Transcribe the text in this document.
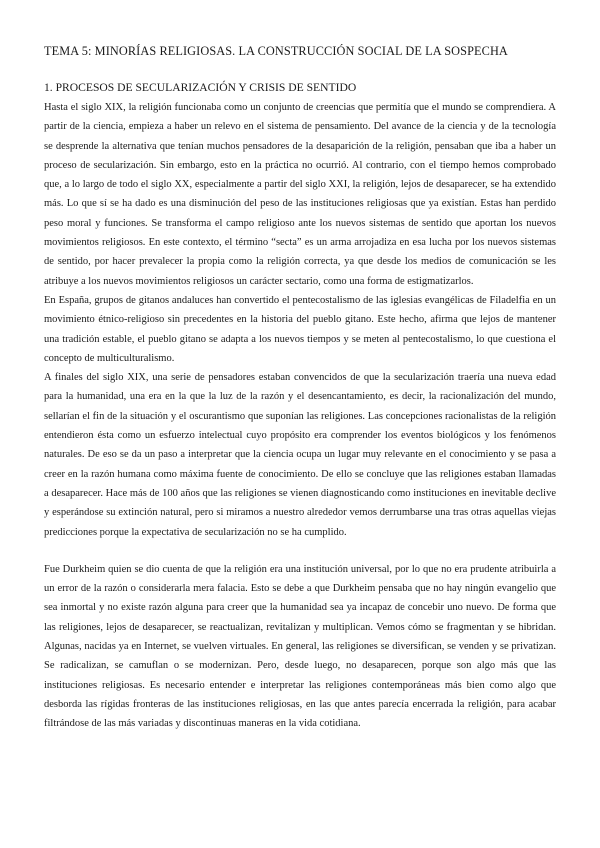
TEMA 5: MINORÍAS RELIGIOSAS. LA CONSTRUCCIÓN SOCIAL DE LA SOSPECHA
1. PROCESOS DE SECULARIZACIÓN Y CRISIS DE SENTIDO

Hasta el siglo XIX, la religión funcionaba como un conjunto de creencias que permitía que el mundo se comprendiera. A partir de la ciencia, empieza a haber un relevo en el sistema de pensamiento. Del avance de la ciencia y de la tecnología se desprende la alternativa que tenían muchos pensadores de la desaparición de la religión, pensaban que iba a haber un proceso de secularización. Sin embargo, esto en la práctica no ocurrió. Al contrario, con el tiempo hemos comprobado que, a lo largo de todo el siglo XX, especialmente a partir del siglo XXI, la religión, lejos de desaparecer, se ha extendido más. Lo que sí se ha dado es una disminución del peso de las instituciones religiosas que ya existían. Estas han perdido peso moral y funciones. Se transforma el campo religioso ante los nuevos sistemas de sentido que aportan los nuevos movimientos religiosos. En este contexto, el término “secta” es un arma arrojadiza en esa lucha por los nuevos sistemas de sentido, por hacer prevalecer la propia como la religión correcta, ya que desde los medios de comunicación se les atribuye a los nuevos movimientos religiosos un carácter sectario, como una forma de estigmatizarlos.

En España, grupos de gitanos andaluces han convertido el pentecostalismo de las iglesias evangélicas de Filadelfia en un movimiento étnico-religioso sin precedentes en la historia del pueblo gitano. Este hecho, afirma que lejos de mantener una tradición estable, el pueblo gitano se adapta a los nuevos tiempos y se meten al pentecostalismo, lo que cuestiona el concepto de multiculturalismo.

A finales del siglo XIX, una serie de pensadores estaban convencidos de que la secularización traería una nueva edad para la humanidad, una era en la que la luz de la razón y el desencantamiento, es decir, la racionalización del mundo, sellarían el fin de la situación y el oscurantismo que suponían las religiones. Las concepciones racionalistas de la religión entendieron ésta como un esfuerzo intelectual cuyo propósito era comprender los eventos biológicos y los fenómenos naturales. De eso se da un paso a interpretar que la ciencia ocupa un lugar muy relevante en el conocimiento y se pasa a creer en la razón humana como máxima fuente de conocimiento. De ello se concluye que las religiones estaban llamadas a desaparecer. Hace más de 100 años que las religiones se vienen diagnosticando como instituciones en inevitable declive y esperándose su extinción natural, pero si miramos a nuestro alrededor vemos derrumbarse una tras otras aquellas viejas predicciones porque la expectativa de secularización no se ha cumplido.

Fue Durkheim quien se dio cuenta de que la religión era una institución universal, por lo que no era prudente atribuirla a un error de la razón o considerarla mera falacia. Esto se debe a que Durkheim pensaba que no hay ningún evangelio que sea inmortal y no existe razón alguna para creer que la humanidad sea ya incapaz de concebir uno nuevo. De forma que las religiones, lejos de desaparecer, se reactualizan, revitalizan y multiplican. Vemos cómo se fragmentan y se hibridan. Algunas, nacidas ya en Internet, se vuelven virtuales. En general, las religiones se diversifican, se venden y se privatizan. Se radicalizan, se camuflan o se modernizan. Pero, desde luego, no desaparecen, porque son algo más que las instituciones religiosas. Es necesario entender e interpretar las religiones contemporáneas más bien como algo que desborda las rígidas fronteras de las instituciones religiosas, en las que antes parecía encerrada la religión, para acabar filtrándose de las más variadas y discontinuas maneras en la vida cotidiana.
